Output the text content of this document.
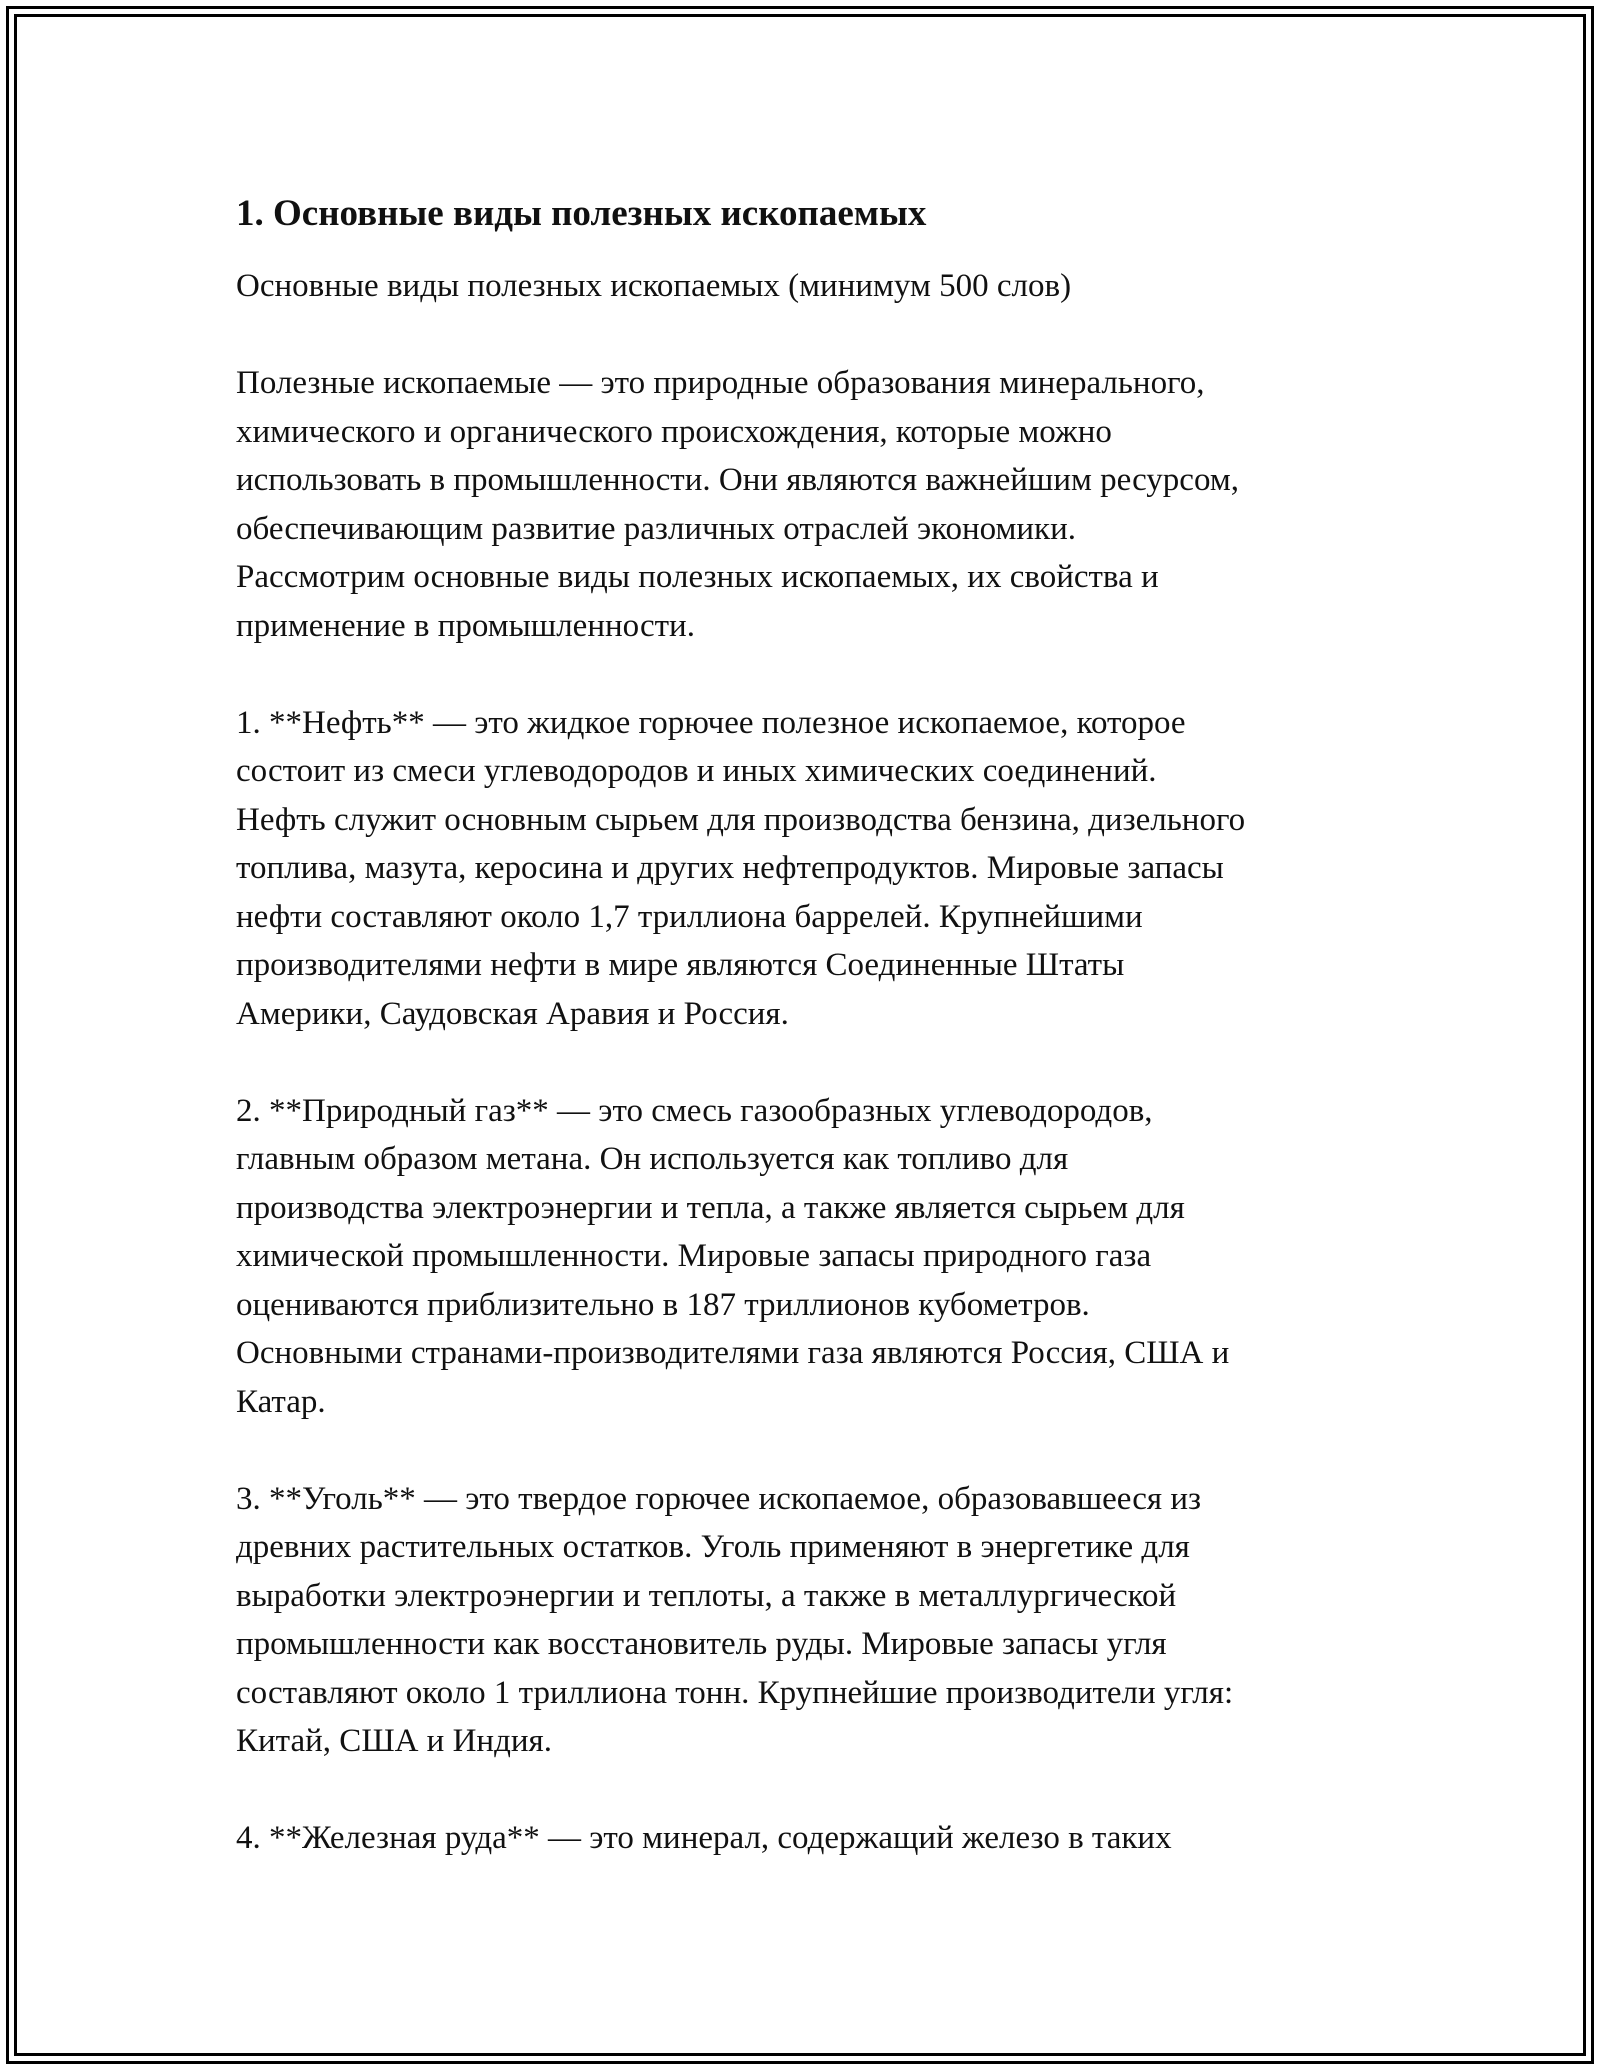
1. Основные виды полезных ископаемых

Основные виды полезных ископаемых (минимум 500 слов)

Полезные ископаемые — это природные образования минерального,
химического и органического происхождения, которые можно
использовать в промышленности. Они являются важнейшим ресурсом,
обеспечивающим развитие различных отраслей экономики.
Рассмотрим основные виды полезных ископаемых, их свойства и
применение в промышленности.

1. **Нефть** — это жидкое горючее полезное ископаемое, которое
состоит из смеси углеводородов и иных химических соединений.
Нефть служит основным сырьем для производства бензина, дизельного
топлива, мазута, керосина и других нефтепродуктов. Мировые запасы
нефти составляют около 1,7 триллиона баррелей. Крупнейшими
производителями нефти в мире являются Соединенные Штаты
Америки, Саудовская Аравия и Россия.

2. **Природный газ** — это смесь газообразных углеводородов,
главным образом метана. Он используется как топливо для
производства электроэнергии и тепла, а также является сырьем для
химической промышленности. Мировые запасы природного газа
оцениваются приблизительно в 187 триллионов кубометров.
Основными странами-производителями газа являются Россия, США и
Катар.

3. **Уголь** — это твердое горючее ископаемое, образовавшееся из
древних растительных остатков. Уголь применяют в энергетике для
выработки электроэнергии и теплоты, а также в металлургической
промышленности как восстановитель руды. Мировые запасы угля
составляют около 1 триллиона тонн. Крупнейшие производители угля:
Китай, США и Индия.

4. **Железная руда** — это минерал, содержащий железо в таких
